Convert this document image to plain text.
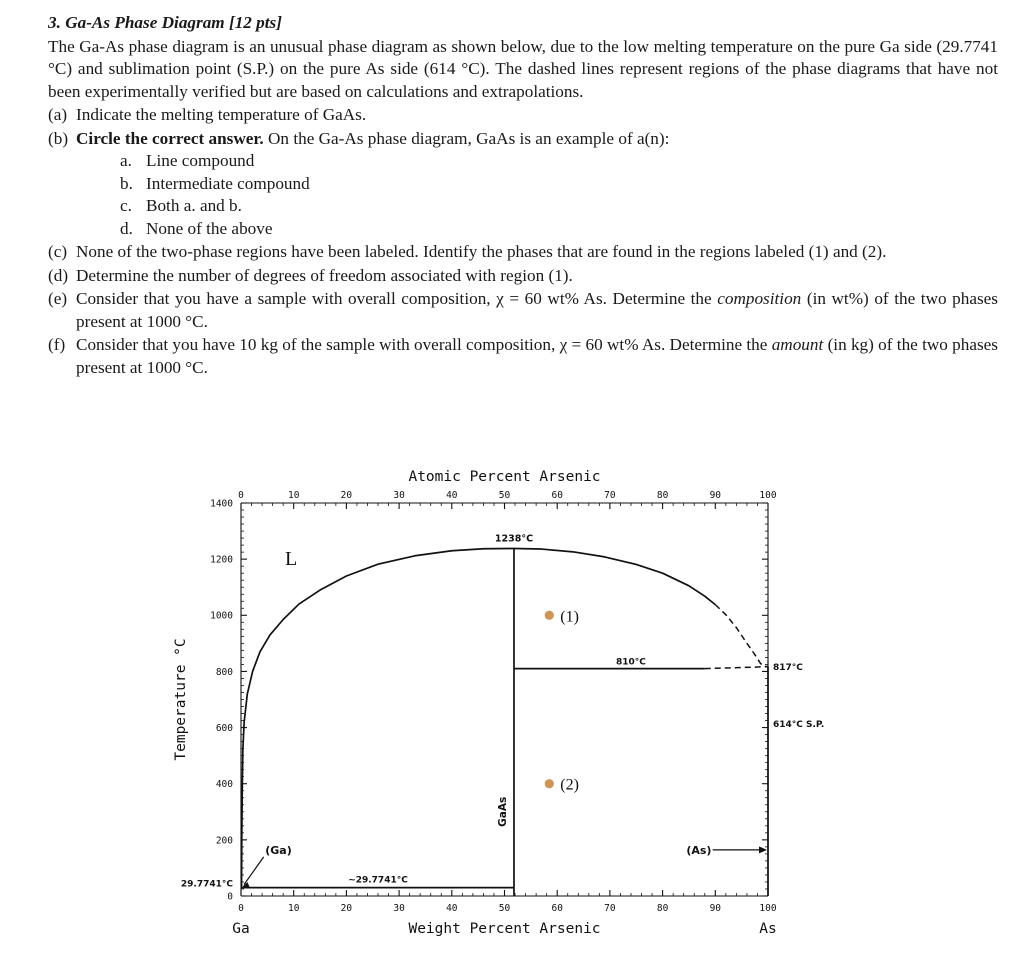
3. Ga-As Phase Diagram [12 pts]

The Ga-As phase diagram is an unusual phase diagram as shown below, due to the low melting temperature on the pure Ga side (29.7741 °C) and sublimation point (S.P.) on the pure As side (614 °C). The dashed lines represent regions of the phase diagrams that have not been experimentally verified but are based on calculations and extrapolations.

(a) Indicate the melting temperature of GaAs.
(b) Circle the correct answer. On the Ga-As phase diagram, GaAs is an example of a(n):
a. Line compound
b. Intermediate compound
c. Both a. and b.
d. None of the above
(c) None of the two-phase regions have been labeled. Identify the phases that are found in the regions labeled (1) and (2).
(d) Determine the number of degrees of freedom associated with region (1).
(e) Consider that you have a sample with overall composition, χ = 60 wt% As. Determine the composition (in wt%) of the two phases present at 1000 °C.
(f) Consider that you have 10 kg of the sample with overall composition, χ = 60 wt% As. Determine the amount (in kg) of the two phases present at 1000 °C.
0	10	20	30	40	50	60	70	80	90	100
Atomic Percent Arsenic
0	10	20	30	40	50	60	70	80	90	100
Weight Percent Arsenic
Ga	As
0
200
400
600
800
1000
1200
1400
Temperature °C
(1)
(2)
L
1238°C
810°C
817°C
614°C S.P.
29.7741°C	~29.7741°C
(Ga)	(As)
GaAs
